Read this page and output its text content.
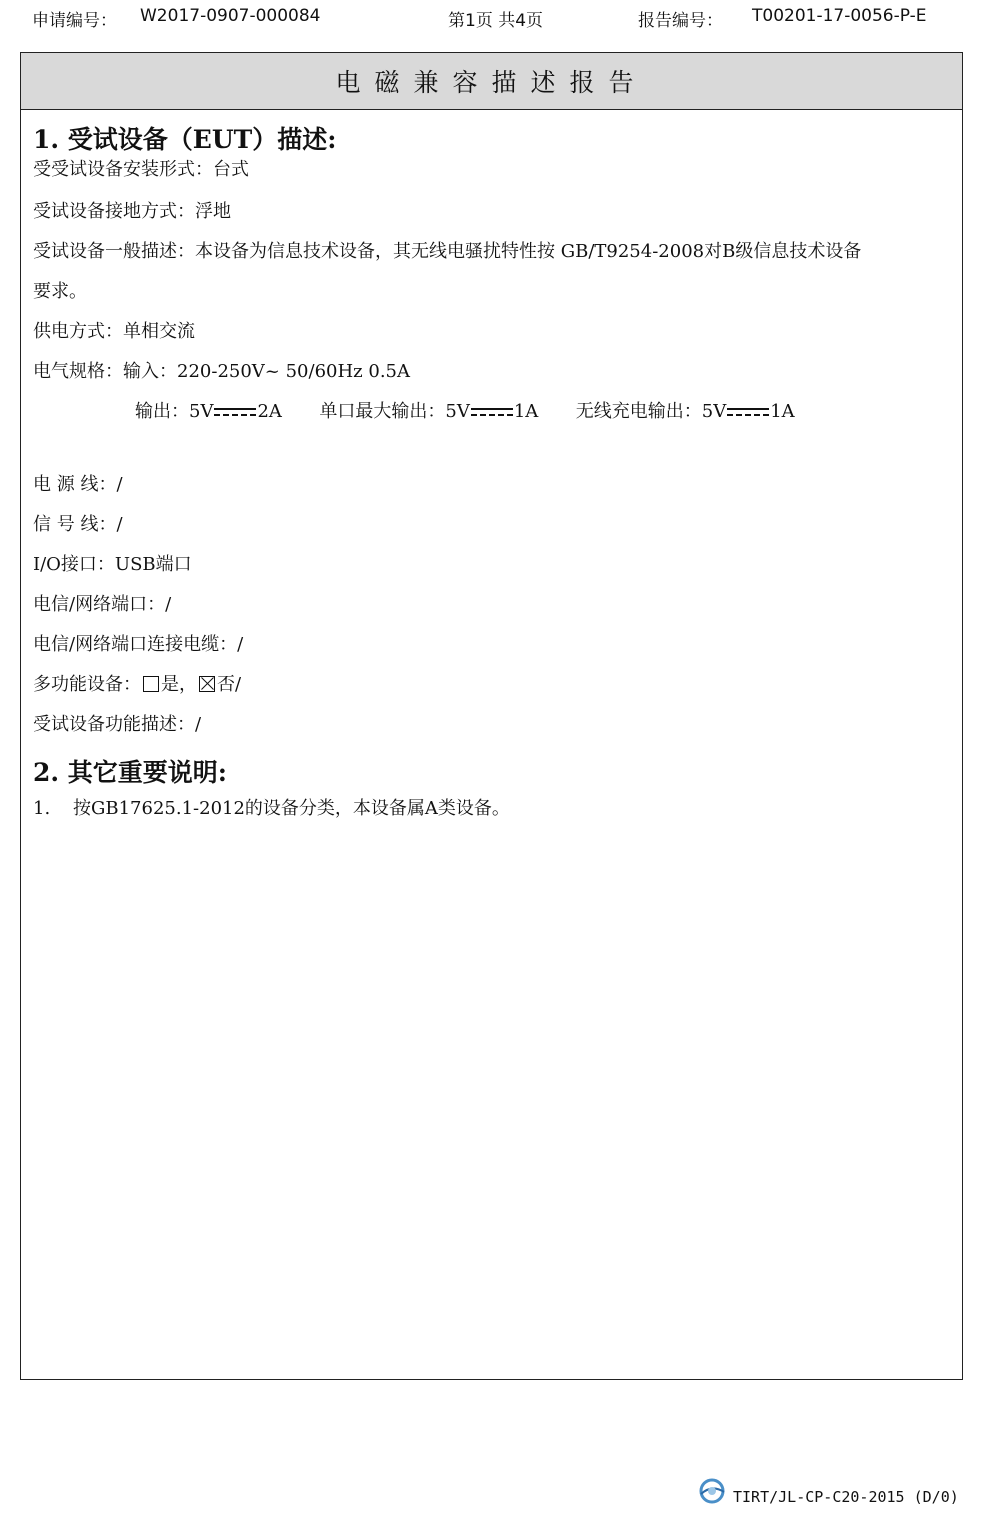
申请编号： W2017-0907-000084	第1页 共4页	报告编号： T00201-17-0056-P-E
电磁兼容描述报告
1. 受试设备（EUT）描述:

受受试设备安装形式：台式

受试设备接地方式：浮地

受试设备一般描述：本设备为信息技术设备，其无线电骚扰特性按 GB/T9254-2008对B级信息技术设备

要求。

供电方式：单相交流

电气规格：输入：220-250V~ 50/60Hz 0.5A

输出：5V 2A 单口最大输出：5V 1A 无线充电输出：5V 1A

电 源 线：/

信 号 线：/

I/O接口：USB端口

电信/网络端口：/

电信/网络端口连接电缆：/

多功能设备： 是， 否/

受试设备功能描述：/

2. 其它重要说明:

1. 按GB17625.1-2012的设备分类，本设备属A类设备。

TIRT/JL-CP-C20-2015 (D/0)
